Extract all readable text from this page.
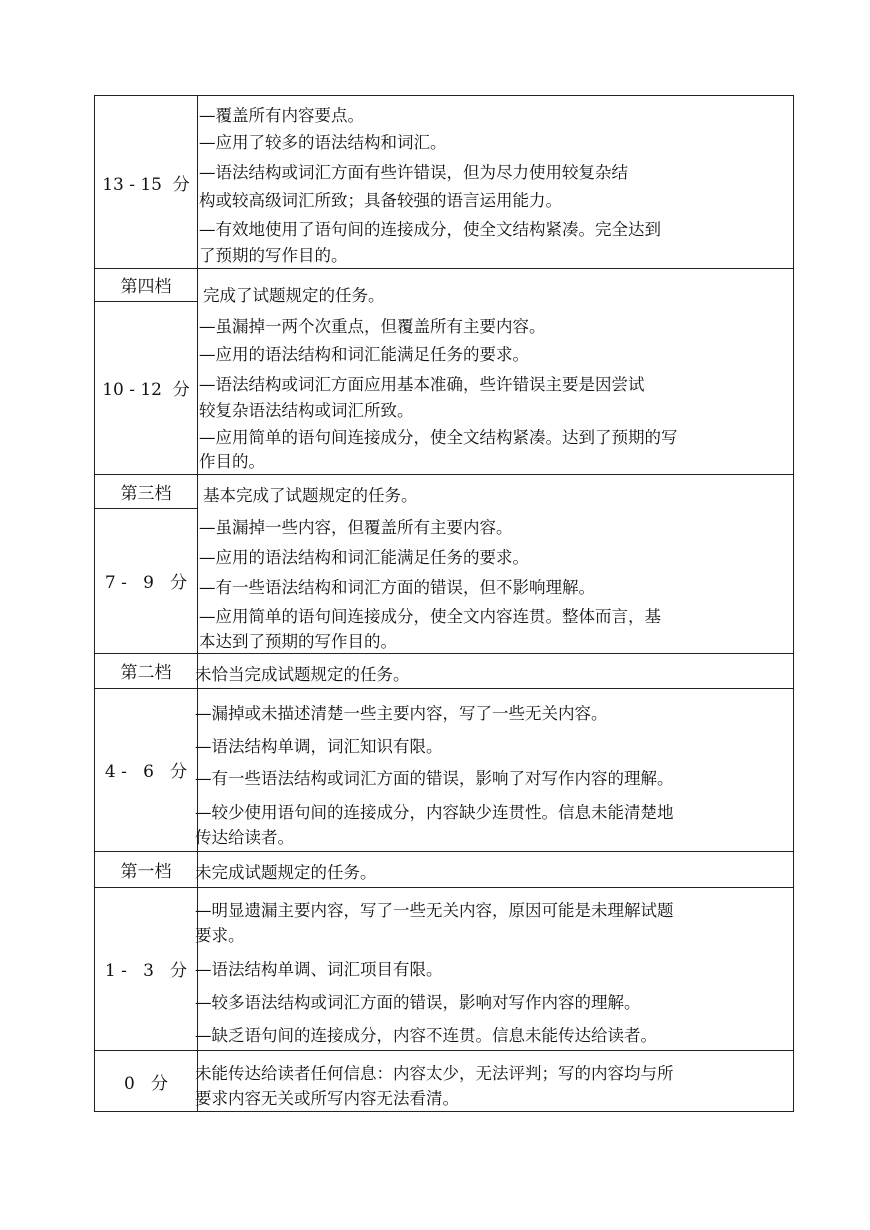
13 - 15  分
—覆盖所有内容要点。
—应用了较多的语法结构和词汇。
—语法结构或词汇方面有些许错误，但为尽力使用较复杂结
构或较高级词汇所致；具备较强的语言运用能力。
—有效地使用了语句间的连接成分，使全文结构紧凑。完全达到
了预期的写作目的。
第四档
10 - 12  分
完成了试题规定的任务。
—虽漏掉一两个次重点，但覆盖所有主要内容。
—应用的语法结构和词汇能满足任务的要求。
—语法结构或词汇方面应用基本准确，些许错误主要是因尝试
较复杂语法结构或词汇所致。
—应用简单的语句间连接成分，使全文结构紧凑。达到了预期的写
作目的。
第三档
7 -   9   分
基本完成了试题规定的任务。
—虽漏掉一些内容，但覆盖所有主要内容。
—应用的语法结构和词汇能满足任务的要求。
—有一些语法结构和词汇方面的错误，但不影响理解。
—应用简单的语句间连接成分，使全文内容连贯。整体而言，基
本达到了预期的写作目的。
第二档
4 -   6   分
未恰当完成试题规定的任务。
—漏掉或未描述清楚一些主要内容，写了一些无关内容。
—语法结构单调，词汇知识有限。
—有一些语法结构或词汇方面的错误，影响了对写作内容的理解。
—较少使用语句间的连接成分，内容缺少连贯性。信息未能清楚地
传达给读者。
第一档
1 -   3   分
未完成试题规定的任务。
—明显遗漏主要内容，写了一些无关内容，原因可能是未理解试题
要求。
—语法结构单调、词汇项目有限。
—较多语法结构或词汇方面的错误，影响对写作内容的理解。
—缺乏语句间的连接成分，内容不连贯。信息未能传达给读者。
0   分
未能传达给读者任何信息：内容太少，无法评判；写的内容均与所
要求内容无关或所写内容无法看清。
